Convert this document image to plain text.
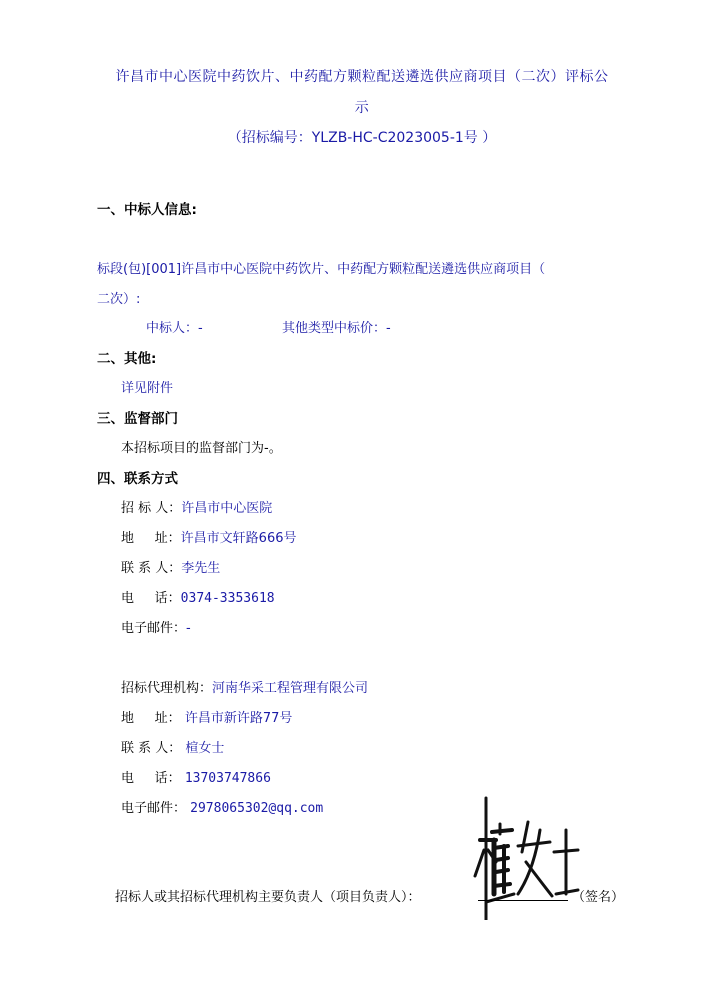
许昌市中心医院中药饮片、中药配方颗粒配送遴选供应商项目（二次）评标公
示
（招标编号：YLZB-HC-C2023005-1号 ）
一、中标人信息:
标段(包)[001]许昌市中心医院中药饮片、中药配方颗粒配送遴选供应商项目（
二次）:
中标人：-	其他类型中标价：-
二、其他:
详见附件
三、监督部门
本招标项目的监督部门为-。
四、联系方式
招 标 人：许昌市中心医院
地     址：许昌市文轩路666号
联 系 人：李先生
电     话：0374-3353618
电子邮件：-
招标代理机构：河南华采工程管理有限公司
地     址： 许昌市新许路77号
联 系 人： 楦女士
电     话： 13703747866
电子邮件： 2978065302@qq.com
招标人或其招标代理机构主要负责人（项目负责人）：	（签名）
